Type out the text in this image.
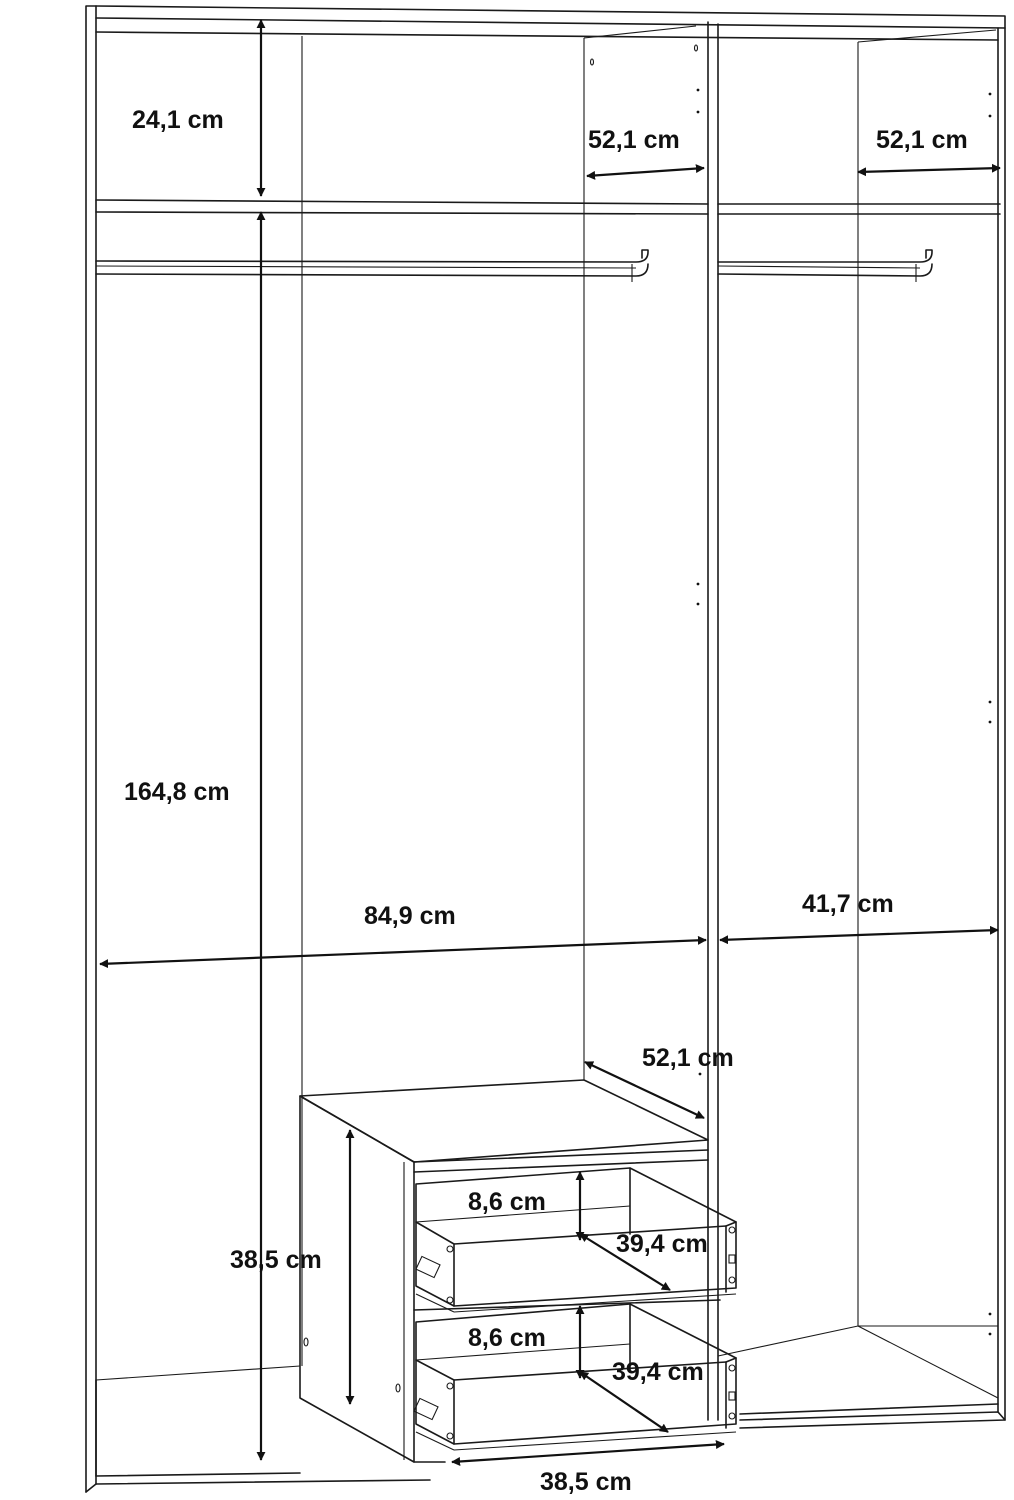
24,1 cm
52,1 cm	52,1 cm
164,8 cm
84,9 cm	41,7 cm
52,1 cm
38,5 cm
8,6 cm
39,4 cm
8,6 cm
39,4 cm
38,5 cm
